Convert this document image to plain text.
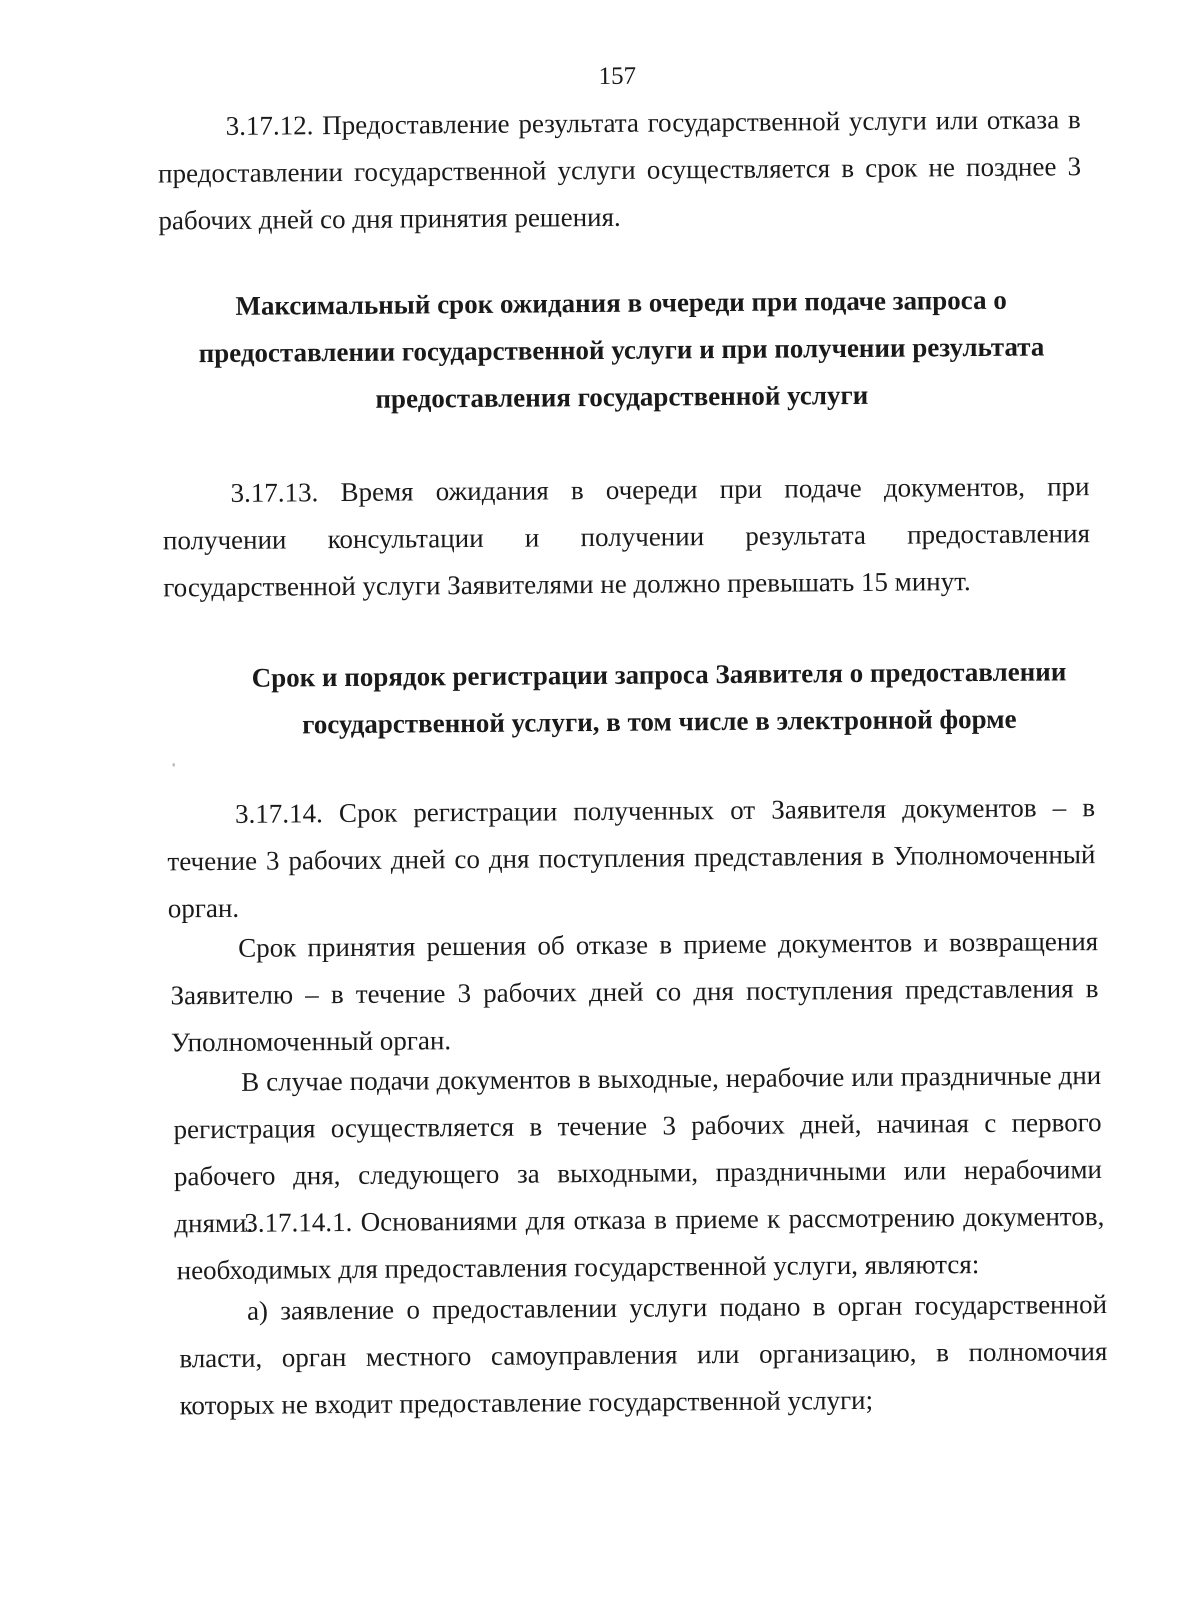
157

3.17.12. Предоставление результата государственной услуги или отказа в предоставлении государственной услуги осуществляется в срок не позднее 3 рабочих дней со дня принятия решения.

Максимальный срок ожидания в очереди при подаче запроса о предоставлении государственной услуги и при получении результата предоставления государственной услуги

3.17.13. Время ожидания в очереди при подаче документов, при получении консультации и получении результата предоставления государственной услуги Заявителями не должно превышать 15 минут.

Срок и порядок регистрации запроса Заявителя о предоставлении государственной услуги, в том числе в электронной форме

3.17.14. Срок регистрации полученных от Заявителя документов – в течение 3 рабочих дней со дня поступления представления в Уполномоченный орган.

Срок принятия решения об отказе в приеме документов и возвращения Заявителю – в течение 3 рабочих дней со дня поступления представления в Уполномоченный орган.

В случае подачи документов в выходные, нерабочие или праздничные дни регистрация осуществляется в течение 3 рабочих дней, начиная с первого рабочего дня, следующего за выходными, праздничными или нерабочими днями.

3.17.14.1. Основаниями для отказа в приеме к рассмотрению документов, необходимых для предоставления государственной услуги, являются:

а) заявление о предоставлении услуги подано в орган государственной власти, орган местного самоуправления или организацию, в полномочия которых не входит предоставление государственной услуги;
